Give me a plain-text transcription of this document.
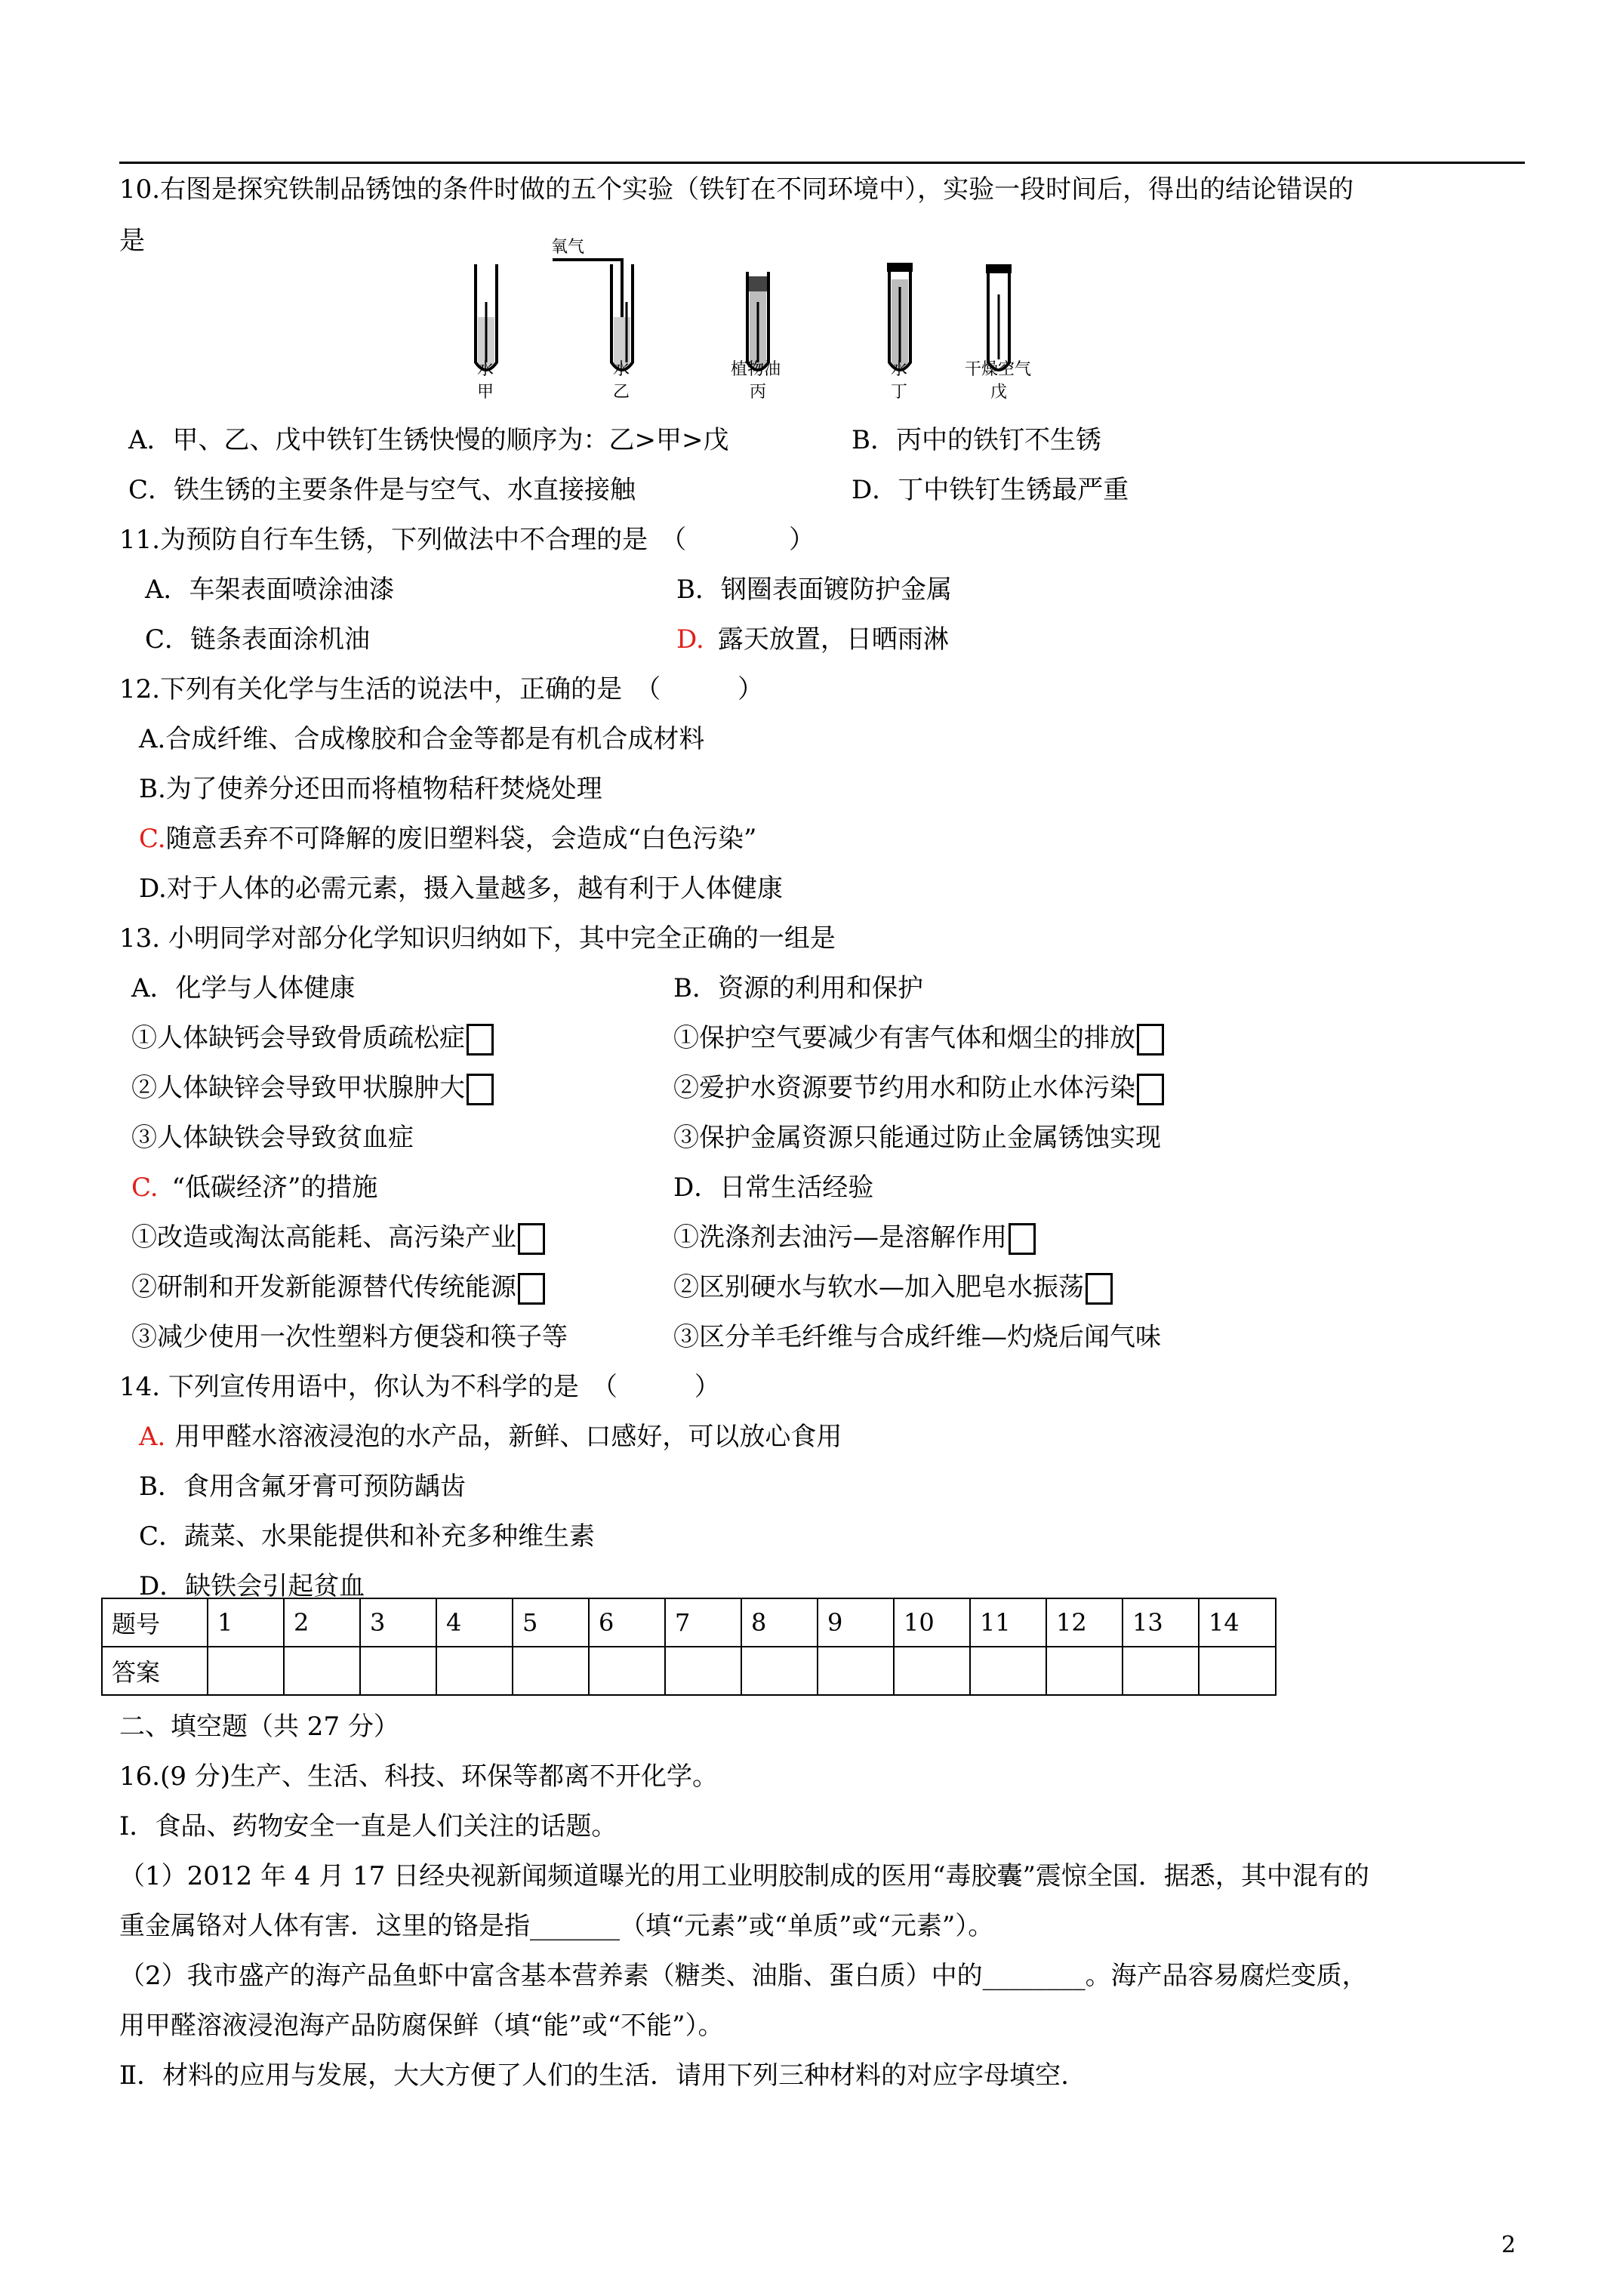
10.右图是探究铁制品锈蚀的条件时做的五个实验（铁钉在不同环境中），实验一段时间后，得出的结论错误的
是	氧气
水
甲
水
乙
植物油
丙
水
丁
干燥空气
戊
A．甲、乙、戊中铁钉生锈快慢的顺序为：乙>甲>戊	B．丙中的铁钉不生锈
C．铁生锈的主要条件是与空气、水直接接触	D．丁中铁钉生锈最严重
11.为预防自行车生锈，下列做法中不合理的是　（　　　　）
A．车架表面喷涂油漆	B．钢圈表面镀防护金属
C．链条表面涂机油	D. 露天放置，日晒雨淋
12.下列有关化学与生活的说法中，正确的是　（　　　）
A.合成纤维、合成橡胶和合金等都是有机合成材料
B.为了使养分还田而将植物秸秆焚烧处理
C.随意丢弃不可降解的废旧塑料袋，会造成“白色污染”
D.对于人体的必需元素，摄入量越多，越有利于人体健康
13. 小明同学对部分化学知识归纳如下，其中完全正确的一组是
A．化学与人体健康	B．资源的利用和保护
①人体缺钙会导致骨质疏松症	①保护空气要减少有害气体和烟尘的排放
②人体缺锌会导致甲状腺肿大	②爱护水资源要节约用水和防止水体污染
③人体缺铁会导致贫血症	③保护金属资源只能通过防止金属锈蚀实现
C. “低碳经济”的措施	D．日常生活经验
①改造或淘汰高能耗、高污染产业	①洗涤剂去油污—是溶解作用
②研制和开发新能源替代传统能源	②区别硬水与软水—加入肥皂水振荡
③减少使用一次性塑料方便袋和筷子等	③区分羊毛纤维与合成纤维—灼烧后闻气味
14. 下列宣传用语中，你认为不科学的是　（　　　）
A. 用甲醛水溶液浸泡的水产品，新鲜、口感好，可以放心食用
B．食用含氟牙膏可预防龋齿
C．蔬菜、水果能提供和补充多种维生素
D．缺铁会引起贫血
题号	1	2	3	4	5	6	7	8	9	10	11	12	13	14
答案														
二、填空题（共 27 分）
16.(9 分)生产、生活、科技、环保等都离不开化学。
Ⅰ．食品、药物安全一直是人们关注的话题。
（1）2012 年 4 月 17 日经央视新闻频道曝光的用工业明胶制成的医用“毒胶囊”震惊全国．据悉，其中混有的
重金属铬对人体有害．这里的铬是指_______（填“元素”或“单质”或“元素”）。
（2）我市盛产的海产品鱼虾中富含基本营养素（糖类、油脂、蛋白质）中的________。海产品容易腐烂变质，
用甲醛溶液浸泡海产品防腐保鲜（填“能”或“不能”）。
Ⅱ．材料的应用与发展，大大方便了人们的生活．请用下列三种材料的对应字母填空.
2
